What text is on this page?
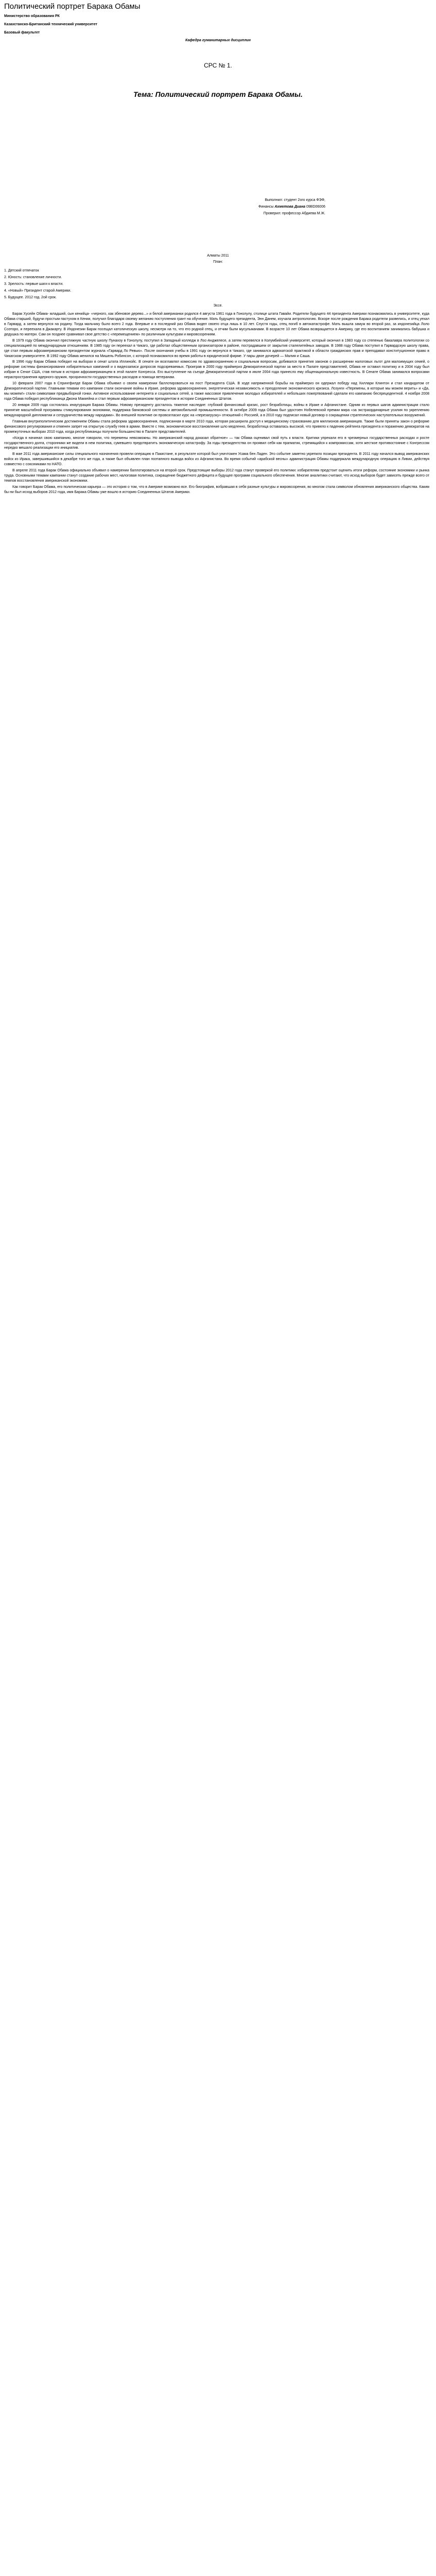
Политический портрет Барака Обамы
Министерство образования РК
Казахстанско-Британский технический университет
Базовый факультет
Кафедра гуманитарных дисциплин
СРС № 1.
Тема: Политический портрет Барака Обамы.
Выполнил: студент 2ого курса ФЭФ,
Финансы Ахметова Диана 09BD06006
Проверил: профессор Абдиева М.Ж.
Алматы 2011
План:
1. Детский отпечаток
2. Юность: становление личности.
3. Зрелость: первые шаги к власти.
4. «Новый» Президент старой Америки.
5. Будущее. 2012 год. 2ой срок.
Эссе.

Барак Хусейн Обама- младший, сын кенийца- «черного, как эбеновое дерево...» и белой американки родился 4 августа 1961 года в Гонолулу, столице штата Гавайи. Родители будущего 44 президента Америки познакомились в университете, куда Обама старший, будучи простым пастухом в Кении, получил благодаря своему желанию поступления грант на обучение. Мать будущего президента, Энн Данем, изучала антропологию. Вскоре после рождения Барака родители развелись, и отец уехал в Гарвард, а затем вернулся на родину. Тогда мальчику было всего 2 года. Впервые и в последний раз Обама видел своего отца лишь в 10 лет. Спустя годы, отец погиб в автокатастрофе. Мать вышла замуж во второй раз, за индонезийца Лоло Соэторо, и переехала в Джакарту. В Индонезии Барак посещал католическую школу, несмотря на то, что его родной отец, и отчим были мусульманами. В возрасте 10 лет Обама возвращается в Америку, где его воспитанием занимались бабушка и дедушка по матери. Сам он позднее сравнивал свое детство с «перемещением» по различным культурам и мировоззрениям.

В 1979 году Обама окончил престижную частную школу Пунахоу в Гонолулу, поступил в Западный колледж в Лос-Анджелесе, а затем перевелся в Колумбийский университет, который окончил в 1983 году со степенью бакалавра политологии со специализацией по международным отношениям. В 1985 году он переехал в Чикаго, где работал общественным организатором в районе, пострадавшем от закрытия сталелитейных заводов. В 1988 году Обама поступил в Гарвардскую школу права, где стал первым афроамериканским президентом журнала «Гарвард Ло Ревью». После окончания учебы в 1991 году он вернулся в Чикаго, где занимался адвокатской практикой в области гражданских прав и преподавал конституционное право в Чикагском университете. В 1992 году Обама женился на Мишель Робинсон, с которой познакомился во время работы в юридической фирме. У пары двое дочерей — Малия и Саша.

В 1996 году Барак Обама победил на выборах в сенат штата Иллинойс. В сенате он возглавлял комиссию по здравоохранению и социальным вопросам, добивался принятия законов о расширении налоговых льгот для малоимущих семей, о реформе системы финансирования избирательных кампаний и о видеозаписи допросов подозреваемых. Проиграв в 2000 году праймериз Демократической партии за место в Палате представителей, Обама не оставил политику и в 2004 году был избран в Сенат США, став пятым в истории афроамериканцем в этой палате Конгресса. Его выступление на съезде Демократической партии в июле 2004 года принесло ему общенациональную известность. В Сенате Обама занимался вопросами нераспространения ядерного оружия, прозрачности государственных расходов и помощи ветеранам.

10 февраля 2007 года в Спрингфилде Барак Обама объявил о своем намерении баллотироваться на пост Президента США. В ходе напряженной борьбы на праймериз он одержал победу над Хиллари Клинтон и стал кандидатом от Демократической партии. Главными темами его кампании стали окончание войны в Ираке, реформа здравоохранения, энергетическая независимость и преодоление экономического кризиса. Лозунги «Перемены, в которые мы можем верить» и «Да, мы можем!» стали символами предвыборной гонки. Активное использование интернета и социальных сетей, а также массовое привлечение молодых избирателей и небольших пожертвований сделали его кампанию беспрецедентной. 4 ноября 2008 года Обама победил республиканца Джона Маккейна и стал первым афроамериканским президентом в истории Соединенных Штатов.

20 января 2009 года состоялась инаугурация Барака Обамы. Новому президенту досталось тяжелое наследие: глубокий финансовый кризис, рост безработицы, войны в Ираке и Афганистане. Одним из первых шагов администрации стало принятие масштабной программы стимулирования экономики, поддержка банковской системы и автомобильной промышленности. В октябре 2009 года Обама был удостоен Нобелевской премии мира «за экстраординарные усилия по укреплению международной дипломатии и сотрудничества между народами». Во внешней политике он провозгласил курс на «перезагрузку» отношений с Россией, а в 2010 году подписал новый договор о сокращении стратегических наступательных вооружений.

Главным внутриполитическим достижением Обамы стала реформа здравоохранения, подписанная в марте 2010 года, которая расширила доступ к медицинскому страхованию для миллионов американцев. Также были приняты закон о реформе финансового регулирования и отменен запрет на открытую службу геев в армии. Вместе с тем, экономическое восстановление шло медленно, безработица оставалась высокой, что привело к падению рейтинга президента и поражению демократов на промежуточных выборах 2010 года, когда республиканцы получили большинство в Палате представителей.

«Когда я начинал свою кампанию, многие говорили, что перемены невозможны. Но американский народ доказал обратное» — так Обама оценивал свой путь к власти. Критики упрекали его в чрезмерных государственных расходах и росте государственного долга, сторонники же видели в нем политика, сумевшего предотвратить экономическую катастрофу. За годы президентства он проявил себя как прагматик, стремящийся к компромиссам, хотя жесткое противостояние с Конгрессом нередко мешало реализации его инициатив.

В мае 2011 года американские силы специального назначения провели операцию в Пакистане, в результате которой был уничтожен Усама бен Ладен. Это событие заметно укрепило позиции президента. В 2011 году начался вывод американских войск из Ирака, завершившийся в декабре того же года, а также был объявлен план поэтапного вывода войск из Афганистана. Во время событий «арабской весны» администрация Обамы поддержала международную операцию в Ливии, действуя совместно с союзниками по НАТО.

В апреле 2011 года Барак Обама официально объявил о намерении баллотироваться на второй срок. Предстоящие выборы 2012 года станут проверкой его политики: избирателям предстоит оценить итоги реформ, состояние экономики и рынка труда. Основными темами кампании станут создание рабочих мест, налоговая политика, сокращение бюджетного дефицита и будущее программ социального обеспечения. Многие аналитики считают, что исход выборов будет зависеть прежде всего от темпов восстановления американской экономики.

Как говорит Барак Обама, его политическая карьера — это история о том, что в Америке возможно все. Его биография, вобравшая в себя разные культуры и мировоззрения, во многом стала символом обновления американского общества. Каким бы ни был исход выборов 2012 года, имя Барака Обамы уже вошло в историю Соединенных Штатов Америки.
